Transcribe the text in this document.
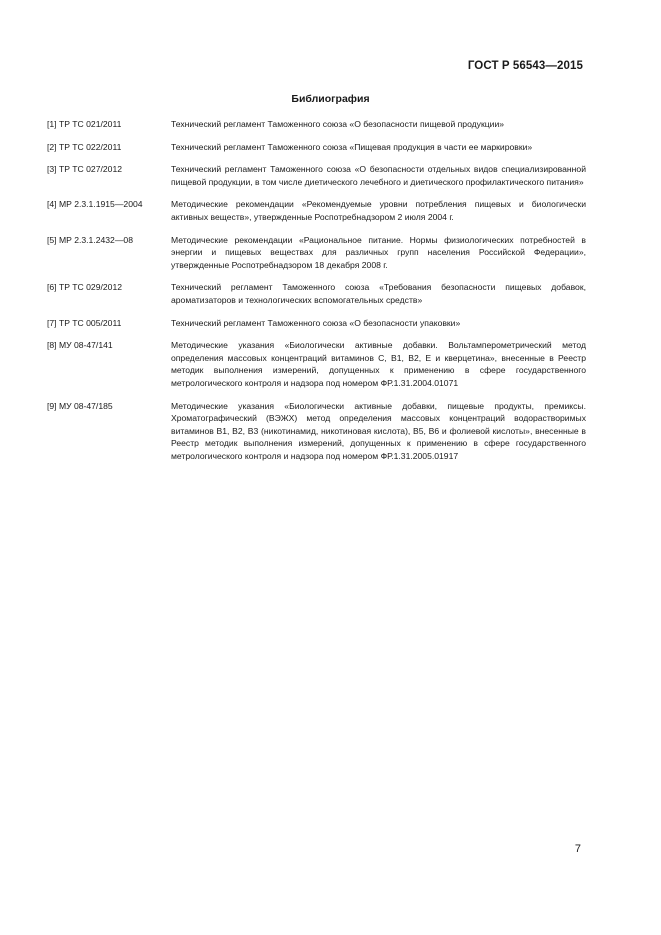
ГОСТ Р 56543—2015
Библиография
[1] ТР ТС 021/2011	Технический регламент Таможенного союза «О безопасности пищевой продукции»
[2] ТР ТС 022/2011	Технический регламент Таможенного союза «Пищевая продукция в части ее маркировки»
[3] ТР ТС 027/2012	Технический регламент Таможенного союза «О безопасности отдельных видов специализированной пищевой продукции, в том числе диетического лечебного и диетического профилактического питания»
[4] МР 2.3.1.1915—2004	Методические рекомендации «Рекомендуемые уровни потребления пищевых и биологически активных веществ», утвержденные Роспотребнадзором 2 июля 2004 г.
[5] МР 2.3.1.2432—08	Методические рекомендации «Рациональное питание. Нормы физиологических потребностей в энергии и пищевых веществах для различных групп населения Российской Федерации», утвержденные Роспотребнадзором 18 декабря 2008 г.
[6] ТР ТС 029/2012	Технический регламент Таможенного союза «Требования безопасности пищевых добавок, ароматизаторов и технологических вспомогательных средств»
[7] ТР ТС 005/2011	Технический регламент Таможенного союза «О безопасности упаковки»
[8] МУ 08-47/141	Методические указания «Биологически активные добавки. Вольтамперометрический метод определения массовых концентраций витаминов С, В1, В2, Е и кверцетина», внесенные в Реестр методик выполнения измерений, допущенных к применению в сфере государственного метрологического контроля и надзора под номером ФР.1.31.2004.01071
[9] МУ 08-47/185	Методические указания «Биологически активные добавки, пищевые продукты, премиксы. Хроматографический (ВЭЖХ) метод определения массовых концентраций водорастворимых витаминов В1, В2, В3 (никотинамид, никотиновая кислота), В5, В6 и фолиевой кислоты», внесенные в Реестр методик выполнения измерений, допущенных к применению в сфере государственного метрологического контроля и надзора под номером ФР.1.31.2005.01917
7
